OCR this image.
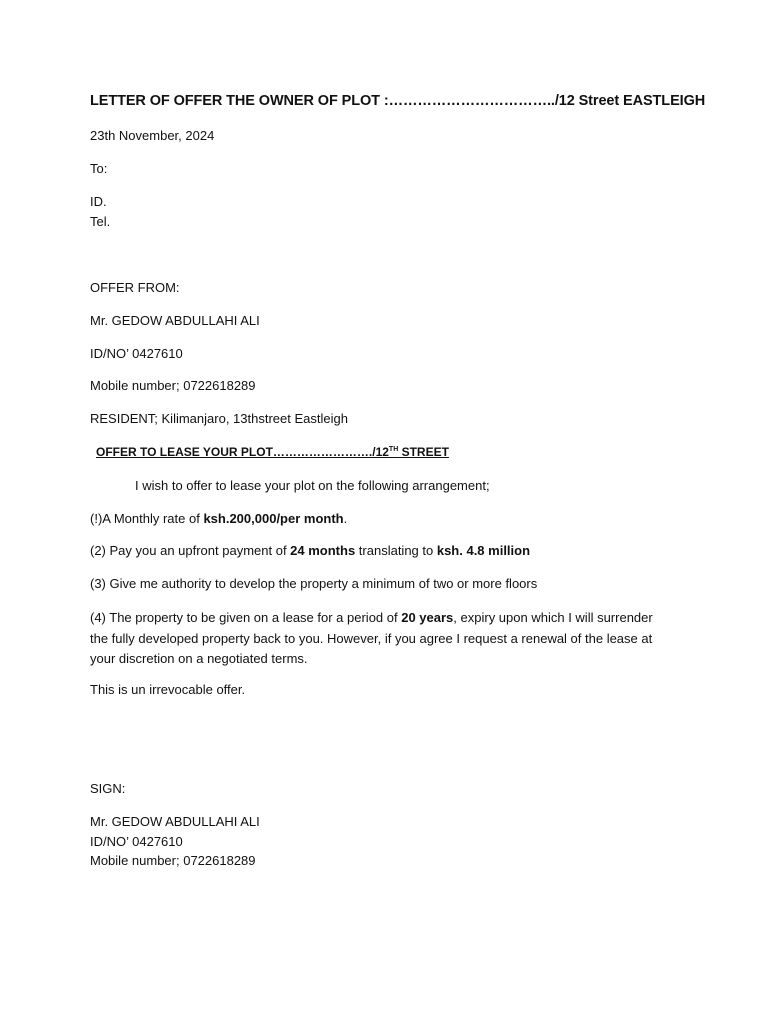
LETTER OF OFFER THE OWNER OF PLOT :……………………………../12 Street EASTLEIGH
23th November, 2024
To:
ID.
Tel.
OFFER FROM:
Mr. GEDOW ABDULLAHI ALI
ID/NO’ 0427610
Mobile number; 0722618289
RESIDENT; Kilimanjaro, 13thstreet Eastleigh
OFFER TO LEASE YOUR PLOT……………………./12TH STREET
I wish to offer to lease your plot on the following arrangement;
(!)A Monthly rate of ksh.200,000/per month.
(2) Pay you an upfront payment of 24 months translating to ksh. 4.8 million
(3) Give me authority to develop the property a minimum of two or more floors
(4) The property to be given on a lease for a period of 20 years, expiry upon which I will surrender the fully developed property back to you. However, if you agree I request a renewal of the lease at your discretion on a negotiated terms.
This is un irrevocable offer.
SIGN:
Mr. GEDOW ABDULLAHI ALI
ID/NO’ 0427610
Mobile number; 0722618289
